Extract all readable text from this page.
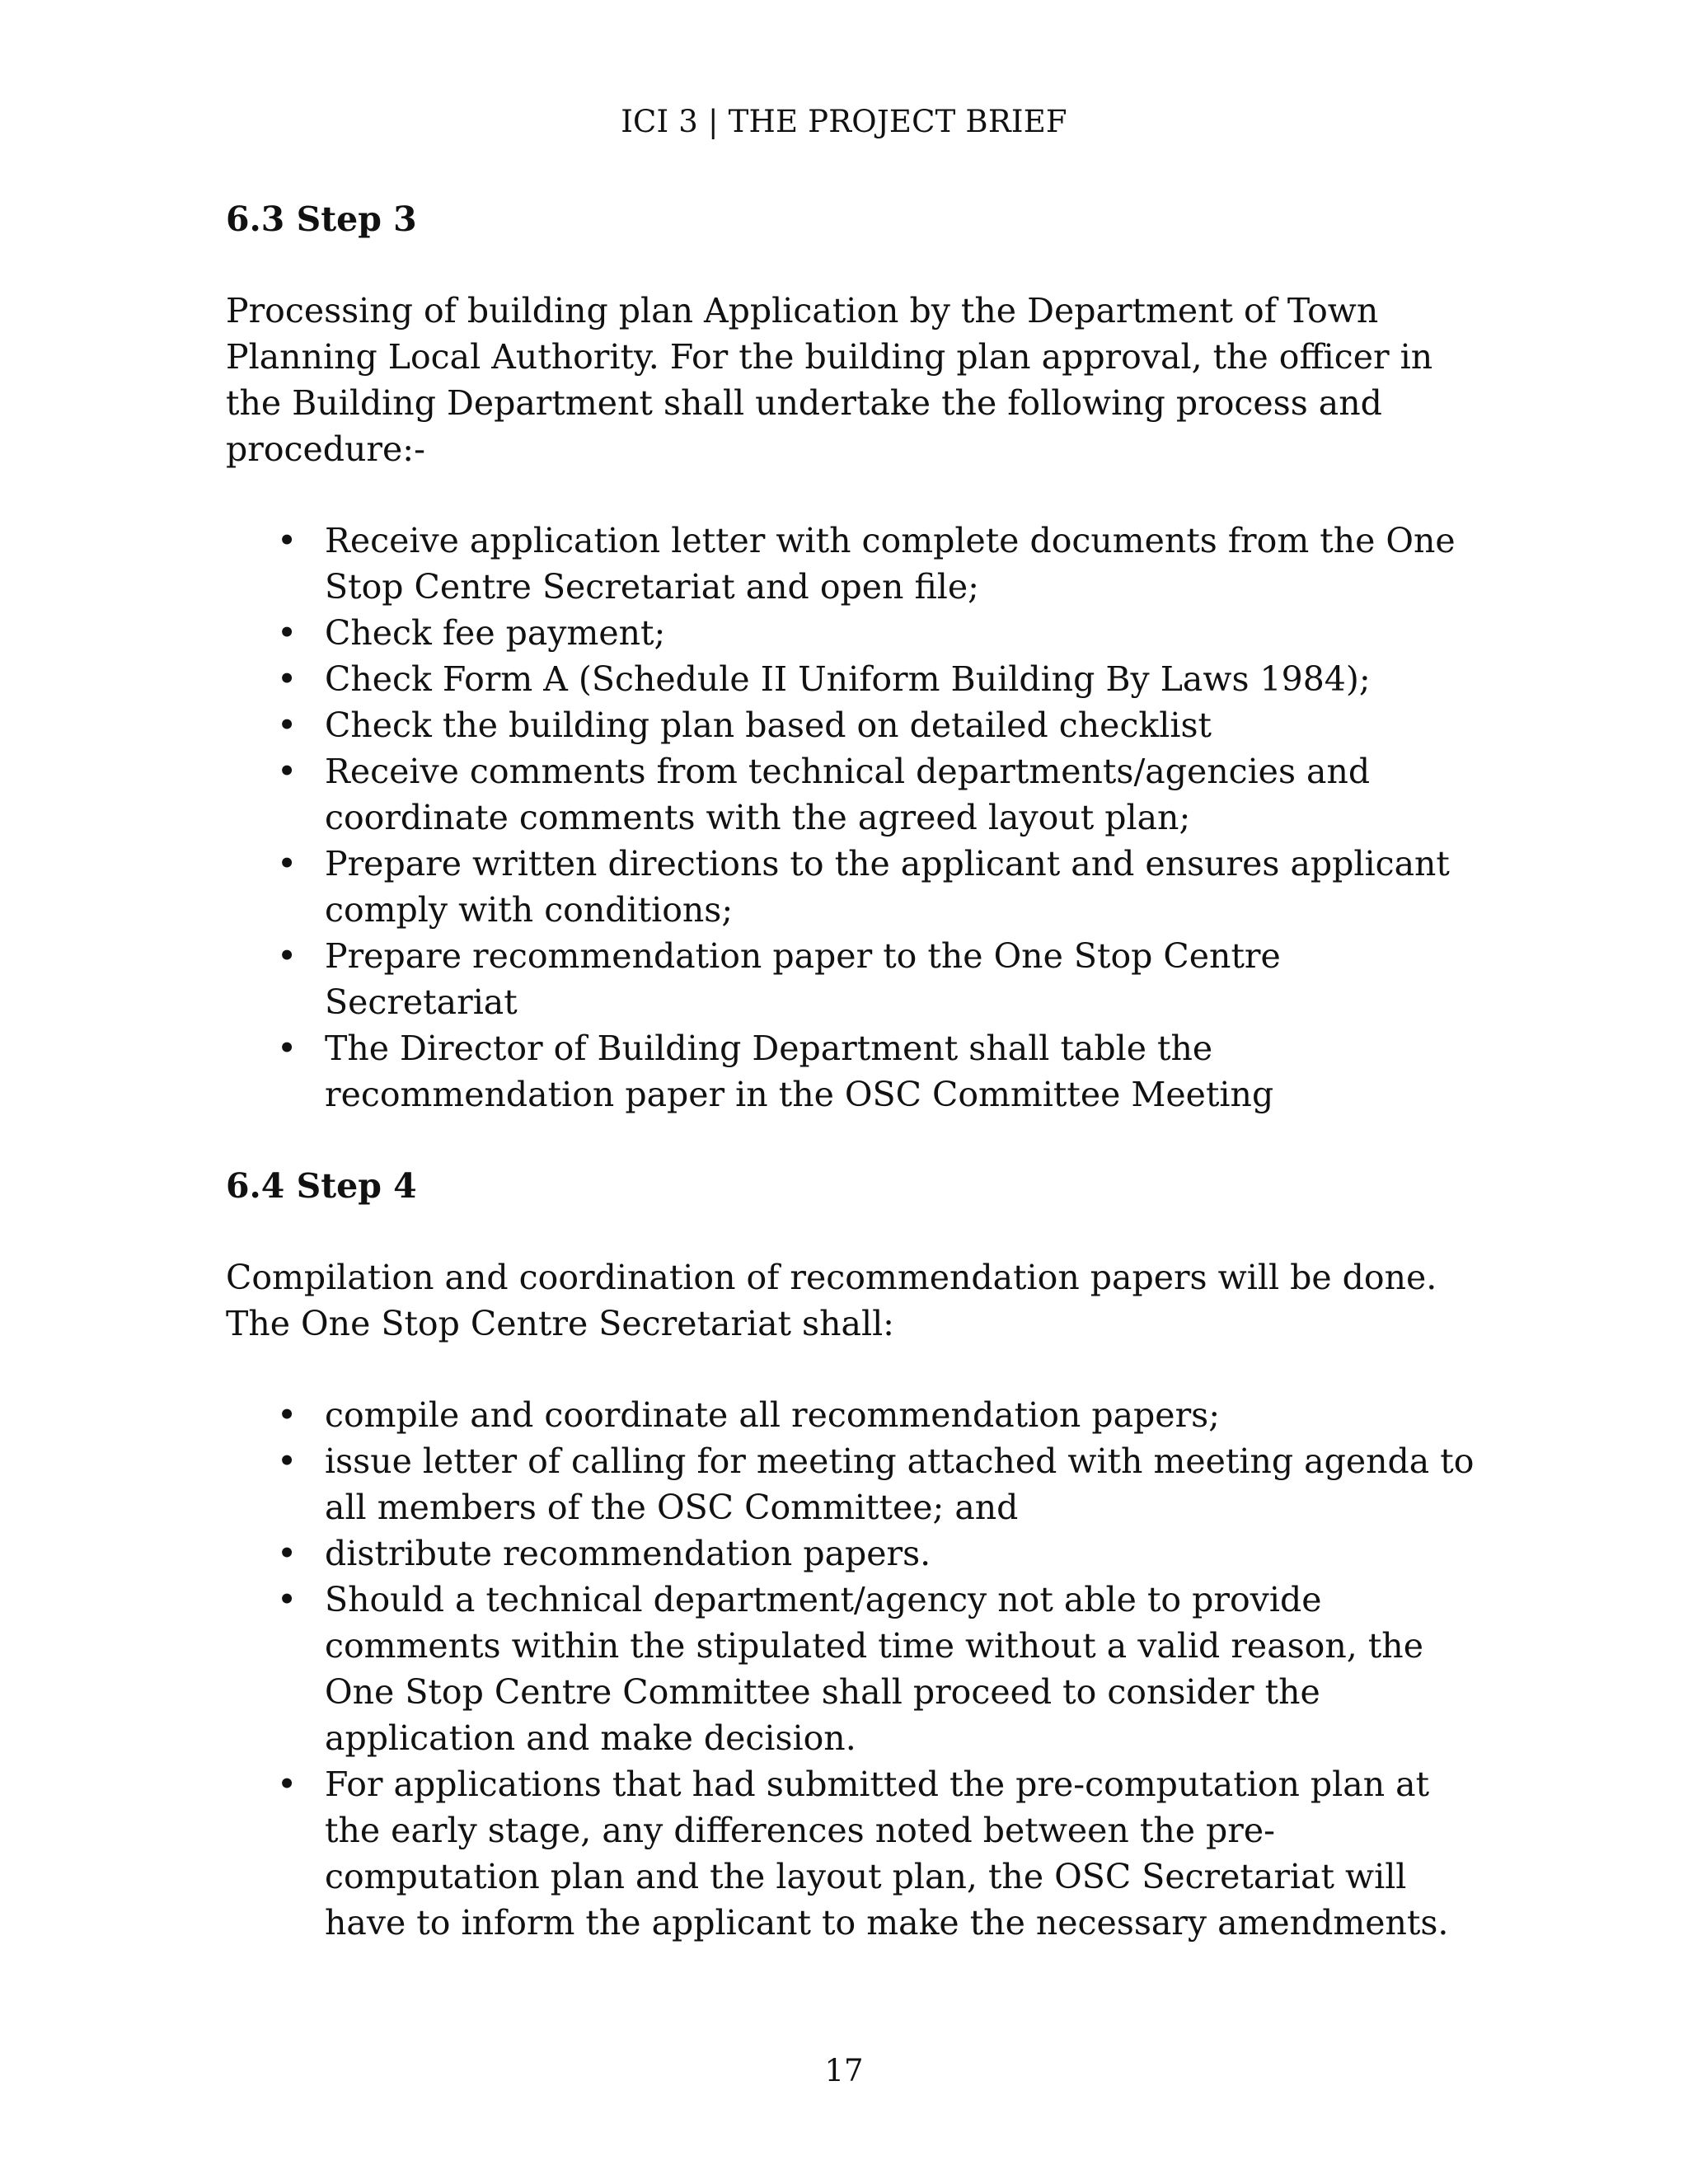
ICI 3 | THE PROJECT BRIEF
6.3 Step 3

Processing of building plan Application by the Department of Town Planning Local Authority. For the building plan approval, the officer in the Building Department shall undertake the following process and procedure:-

• Receive application letter with complete documents from the One Stop Centre Secretariat and open file;
• Check fee payment;
• Check Form A (Schedule II Uniform Building By Laws 1984);
• Check the building plan based on detailed checklist
• Receive comments from technical departments/agencies and coordinate comments with the agreed layout plan;
• Prepare written directions to the applicant and ensures applicant comply with conditions;
• Prepare recommendation paper to the One Stop Centre Secretariat
• The Director of Building Department shall table the recommendation paper in the OSC Committee Meeting
6.4 Step 4

Compilation and coordination of recommendation papers will be done. The One Stop Centre Secretariat shall:

• compile and coordinate all recommendation papers;
• issue letter of calling for meeting attached with meeting agenda to all members of the OSC Committee; and
• distribute recommendation papers.
• Should a technical department/agency not able to provide comments within the stipulated time without a valid reason, the One Stop Centre Committee shall proceed to consider the application and make decision.
• For applications that had submitted the pre-computation plan at the early stage, any differences noted between the pre-computation plan and the layout plan, the OSC Secretariat will have to inform the applicant to make the necessary amendments.
17
